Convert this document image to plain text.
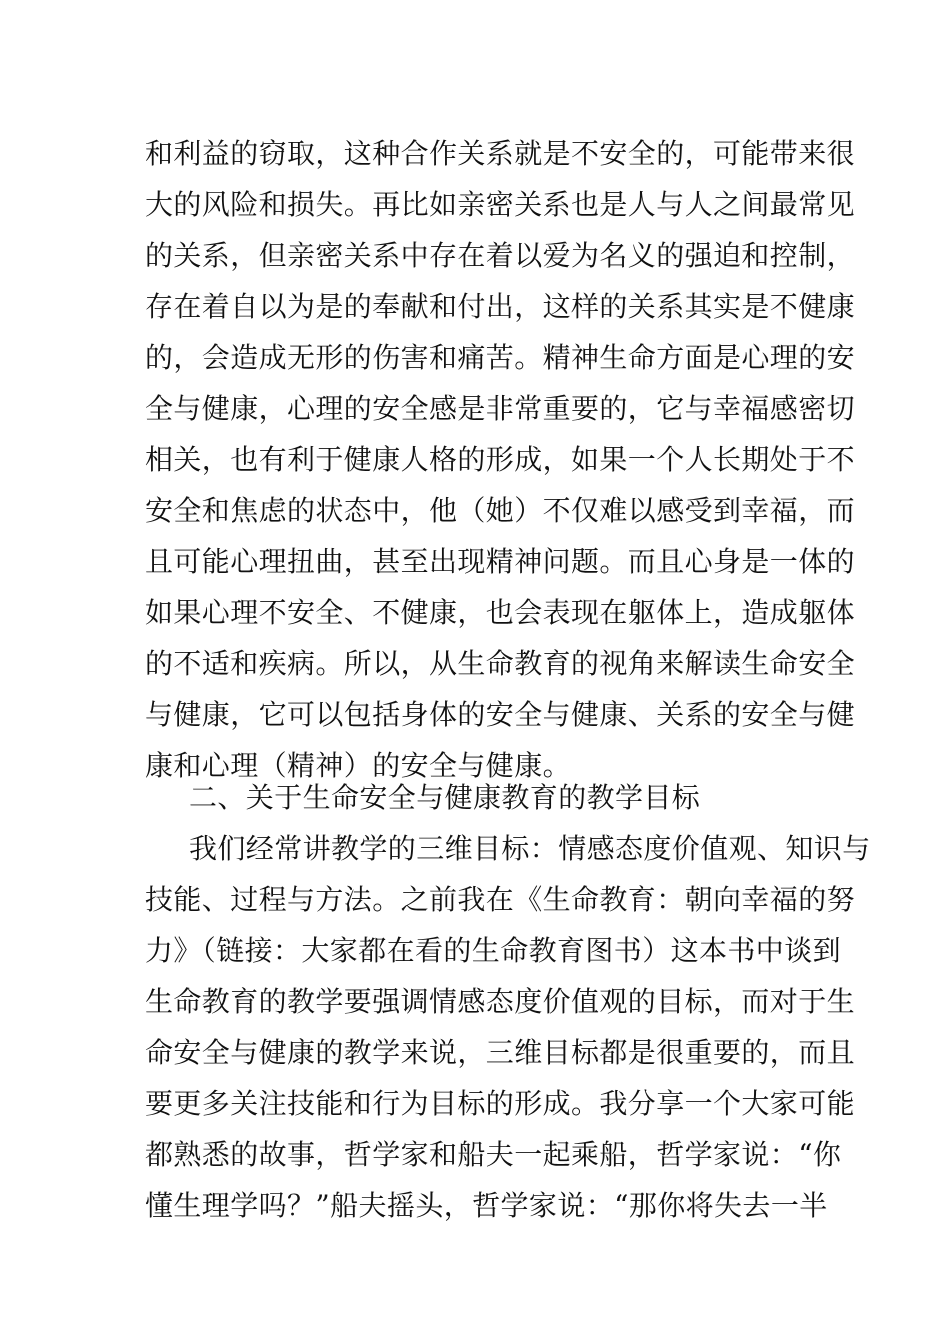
和利益的窃取，这种合作关系就是不安全的，可能带来很
大的风险和损失。再比如亲密关系也是人与人之间最常见
的关系，但亲密关系中存在着以爱为名义的强迫和控制，
存在着自以为是的奉献和付出，这样的关系其实是不健康
的，会造成无形的伤害和痛苦。精神生命方面是心理的安
全与健康，心理的安全感是非常重要的，它与幸福感密切
相关，也有利于健康人格的形成，如果一个人长期处于不
安全和焦虑的状态中，他（她）不仅难以感受到幸福，而
且可能心理扭曲，甚至出现精神问题。而且心身是一体的
如果心理不安全、不健康，也会表现在躯体上，造成躯体
的不适和疾病。所以，从生命教育的视角来解读生命安全
与健康，它可以包括身体的安全与健康、关系的安全与健
康和心理（精神）的安全与健康。
二、关于生命安全与健康教育的教学目标
我们经常讲教学的三维目标：情感态度价值观、知识与
技能、过程与方法。之前我在《生命教育：朝向幸福的努
力》（链接：大家都在看的生命教育图书）这本书中谈到
生命教育的教学要强调情感态度价值观的目标，而对于生
命安全与健康的教学来说，三维目标都是很重要的，而且
要更多关注技能和行为目标的形成。我分享一个大家可能
都熟悉的故事，哲学家和船夫一起乘船，哲学家说：“你
懂生理学吗？”船夫摇头，哲学家说：“那你将失去一半
